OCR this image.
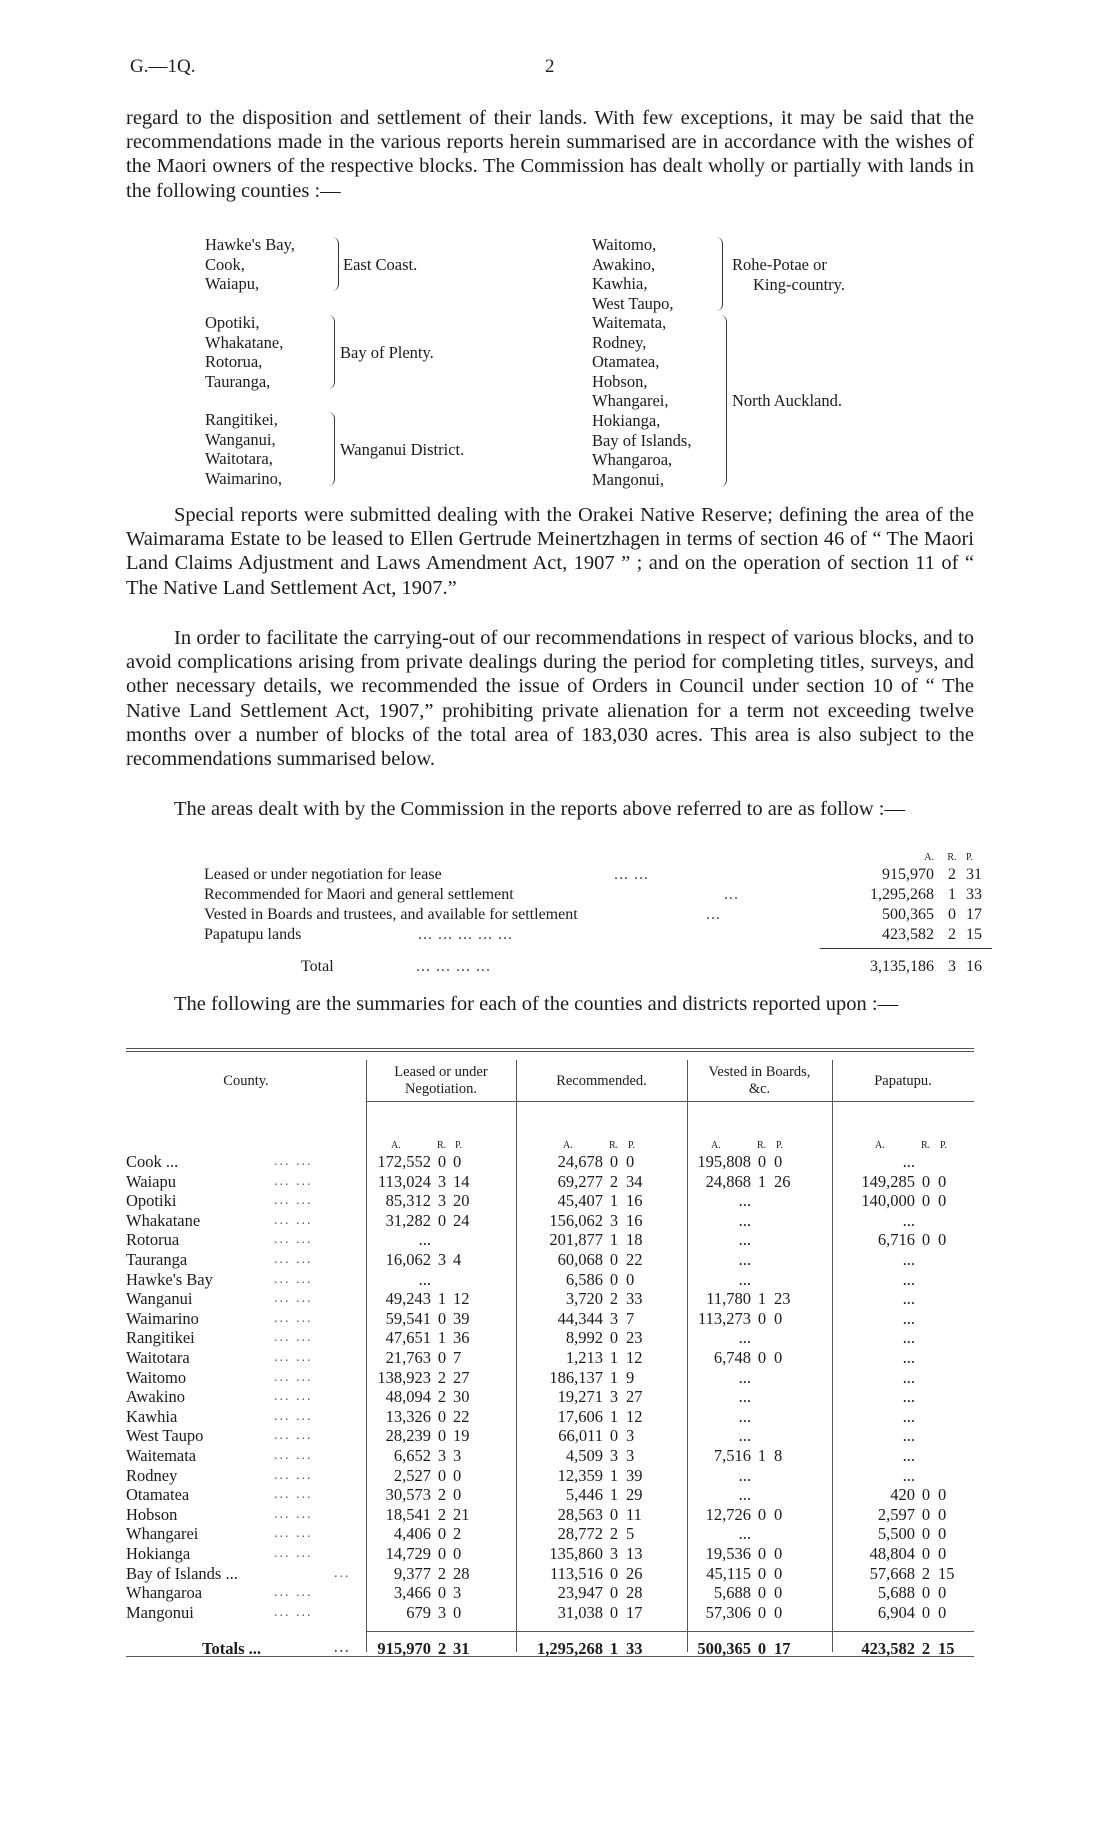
G.—1Q.	2
regard to the disposition and settlement of their lands. With few exceptions, it may be said that the recommendations made in the various reports herein summarised are in accordance with the wishes of the Maori owners of the respective blocks. The Commission has dealt wholly or partially with lands in the following counties :—
Hawke's Bay,
Cook,
Waiapu,
East Coast.
Opotiki,
Whakatane,
Rotorua,
Tauranga,
Bay of Plenty.
Rangitikei,
Wanganui,
Waitotara,
Waimarino,
Wanganui District.
Waitomo,
Awakino,
Kawhia,
West Taupo,
Rohe-Potae or
King-country.
Waitemata,
Rodney,
Otamatea,
Hobson,
Whangarei,
Hokianga,
Bay of Islands,
Whangaroa,
Mangonui,
North Auckland.
Special reports were submitted dealing with the Orakei Native Reserve; defining the area of the Waimarama Estate to be leased to Ellen Gertrude Meinertzhagen in terms of section 46 of “ The Maori Land Claims Adjustment and Laws Amendment Act, 1907 ” ; and on the operation of section 11 of “ The Native Land Settlement Act, 1907.”
In order to facilitate the carrying-out of our recommendations in respect of various blocks, and to avoid complications arising from private dealings during the period for completing titles, surveys, and other necessary details, we recommended the issue of Orders in Council under section 10 of “ The Native Land Settlement Act, 1907,” prohibiting private alienation for a term not exceeding twelve months over a number of blocks of the total area of 183,030 acres. This area is also subject to the recommendations summarised below.
The areas dealt with by the Commission in the reports above referred to are as follow :—
A.	R. P.
Leased or under negotiation for lease	... ...	915,970 2 31
Recommended for Maori and general settlement	...	1,295,268 1 33
Vested in Boards and trustees, and available for settlement	...	500,365 0 17
Papatupu lands	... ... ... ... ...	423,582 2 15
Total	... ... ... ...	3,135,186 3 16
The following are the summaries for each of the counties and districts reported upon :—
County.
Leased or under
Negotiation.	Recommended.
Vested in Boards,
&c.	Papatupu.
A.	R. P.	A.	R. P.	A.	R. P.	A.	R. P.
Cook ...	... ...	172,552 0 0	24,678 0 0	195,808 0 0	...
Waiapu	... ...	113,024 3 14	69,277 2 34	24,868 1 26	149,285 0 0
Opotiki	... ...	85,312 3 20	45,407 1 16	...	140,000 0 0
Whakatane	... ...	31,282 0 24	156,062 3 16	...	...
Rotorua	... ...	...	201,877 1 18	...	6,716 0 0
Tauranga	... ...	16,062 3 4	60,068 0 22	...	...
Hawke's Bay	... ...	...	6,586 0 0	...	...
Wanganui	... ...	49,243 1 12	3,720 2 33	11,780 1 23	...
Waimarino	... ...	59,541 0 39	44,344 3 7	113,273 0 0	...
Rangitikei	... ...	47,651 1 36	8,992 0 23	...	...
Waitotara	... ...	21,763 0 7	1,213 1 12	6,748 0 0	...
Waitomo	... ...	138,923 2 27	186,137 1 9	...	...
Awakino	... ...	48,094 2 30	19,271 3 27	...	...
Kawhia	... ...	13,326 0 22	17,606 1 12	...	...
West Taupo	... ...	28,239 0 19	66,011 0 3	...	...
Waitemata	... ...	6,652 3 3	4,509 3 3	7,516 1 8	...
Rodney	... ...	2,527 0 0	12,359 1 39	...	...
Otamatea	... ...	30,573 2 0	5,446 1 29	...	420 0 0
Hobson	... ...	18,541 2 21	28,563 0 11	12,726 0 0	2,597 0 0
Whangarei	... ...	4,406 0 2	28,772 2 5	...	5,500 0 0
Hokianga	... ...	14,729 0 0	135,860 3 13	19,536 0 0	48,804 0 0
Bay of Islands ...	...	9,377 2 28	113,516 0 26	45,115 0 0	57,668 2 15
Whangaroa	... ...	3,466 0 3	23,947 0 28	5,688 0 0	5,688 0 0
Mangonui	... ...	679 3 0	31,038 0 17	57,306 0 0	6,904 0 0
Totals ...	...	915,970 2 31	1,295,268 1 33	500,365 0 17	423,582 2 15
